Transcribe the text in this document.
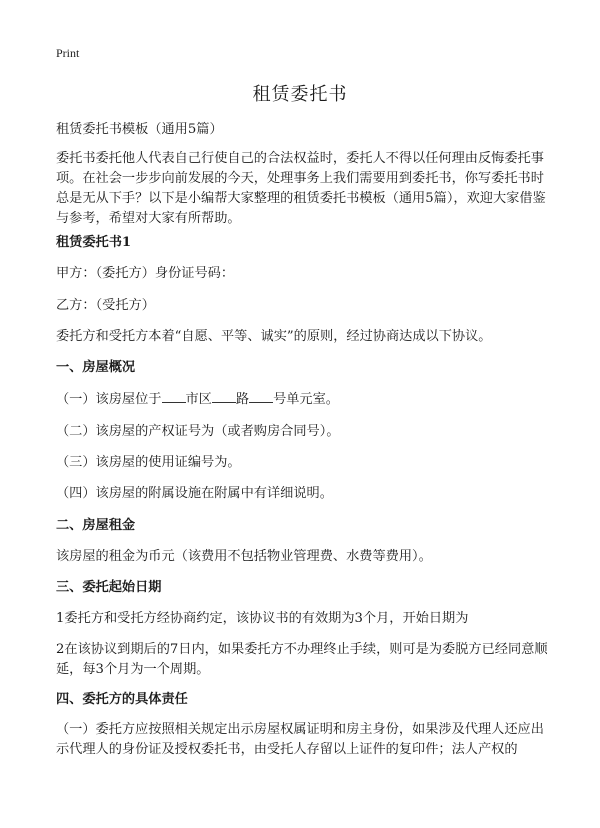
Print
租赁委托书
租赁委托书模板（通用5篇）
委托书委托他人代表自己行使自己的合法权益时，委托人不得以任何理由反悔委托事项。在社会一步步向前发展的今天，处理事务上我们需要用到委托书，你写委托书时总是无从下手？以下是小编帮大家整理的租赁委托书模板（通用5篇），欢迎大家借鉴与参考，希望对大家有所帮助。
租赁委托书1
甲方：（委托方）身份证号码：
乙方：（受托方）
委托方和受托方本着“自愿、平等、诚实”的原则，经过协商达成以下协议。
一、房屋概况
（一）该房屋位于 市区 路 号单元室。
（二）该房屋的产权证号为（或者购房合同号）。
（三）该房屋的使用证编号为。
（四）该房屋的附属设施在附属中有详细说明。
二、房屋租金
该房屋的租金为币元（该费用不包括物业管理费、水费等费用）。
三、委托起始日期
1委托方和受托方经协商约定，该协议书的有效期为3个月，开始日期为
2在该协议到期后的7日内，如果委托方不办理终止手续，则可是为委脱方已经同意顺延，每3个月为一个周期。
四、委托方的具体责任
（一）委托方应按照相关规定出示房屋权属证明和房主身份，如果涉及代理人还应出示代理人的身份证及授权委托书，由受托人存留以上证件的复印件；法人产权的
